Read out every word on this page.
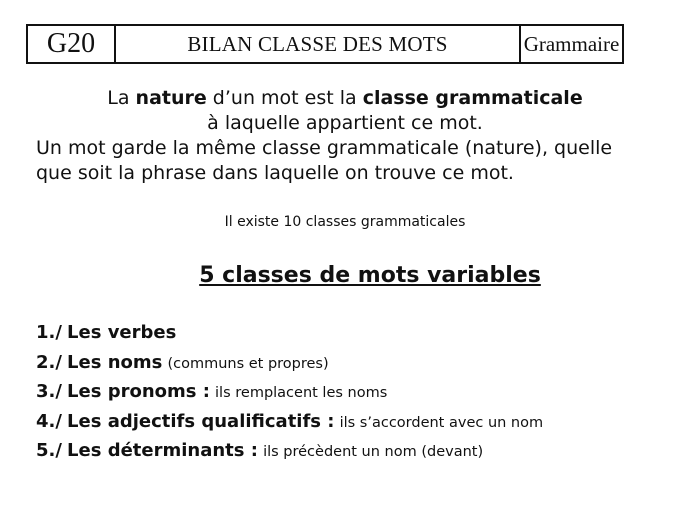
G20	BILAN CLASSE DES MOTS	Grammaire
La nature d’un mot est la classe grammaticale
à laquelle appartient ce mot.
Un mot garde la même classe grammaticale (nature), quelle
que soit la phrase dans laquelle on trouve ce mot.
Il existe 10 classes grammaticales
5 classes de mots variables
1./ Les verbes
2./ Les noms (communs et propres)
3./ Les pronoms : ils remplacent les noms
4./ Les adjectifs qualificatifs : ils s’accordent avec un nom
5./ Les déterminants : ils précèdent un nom (devant)
